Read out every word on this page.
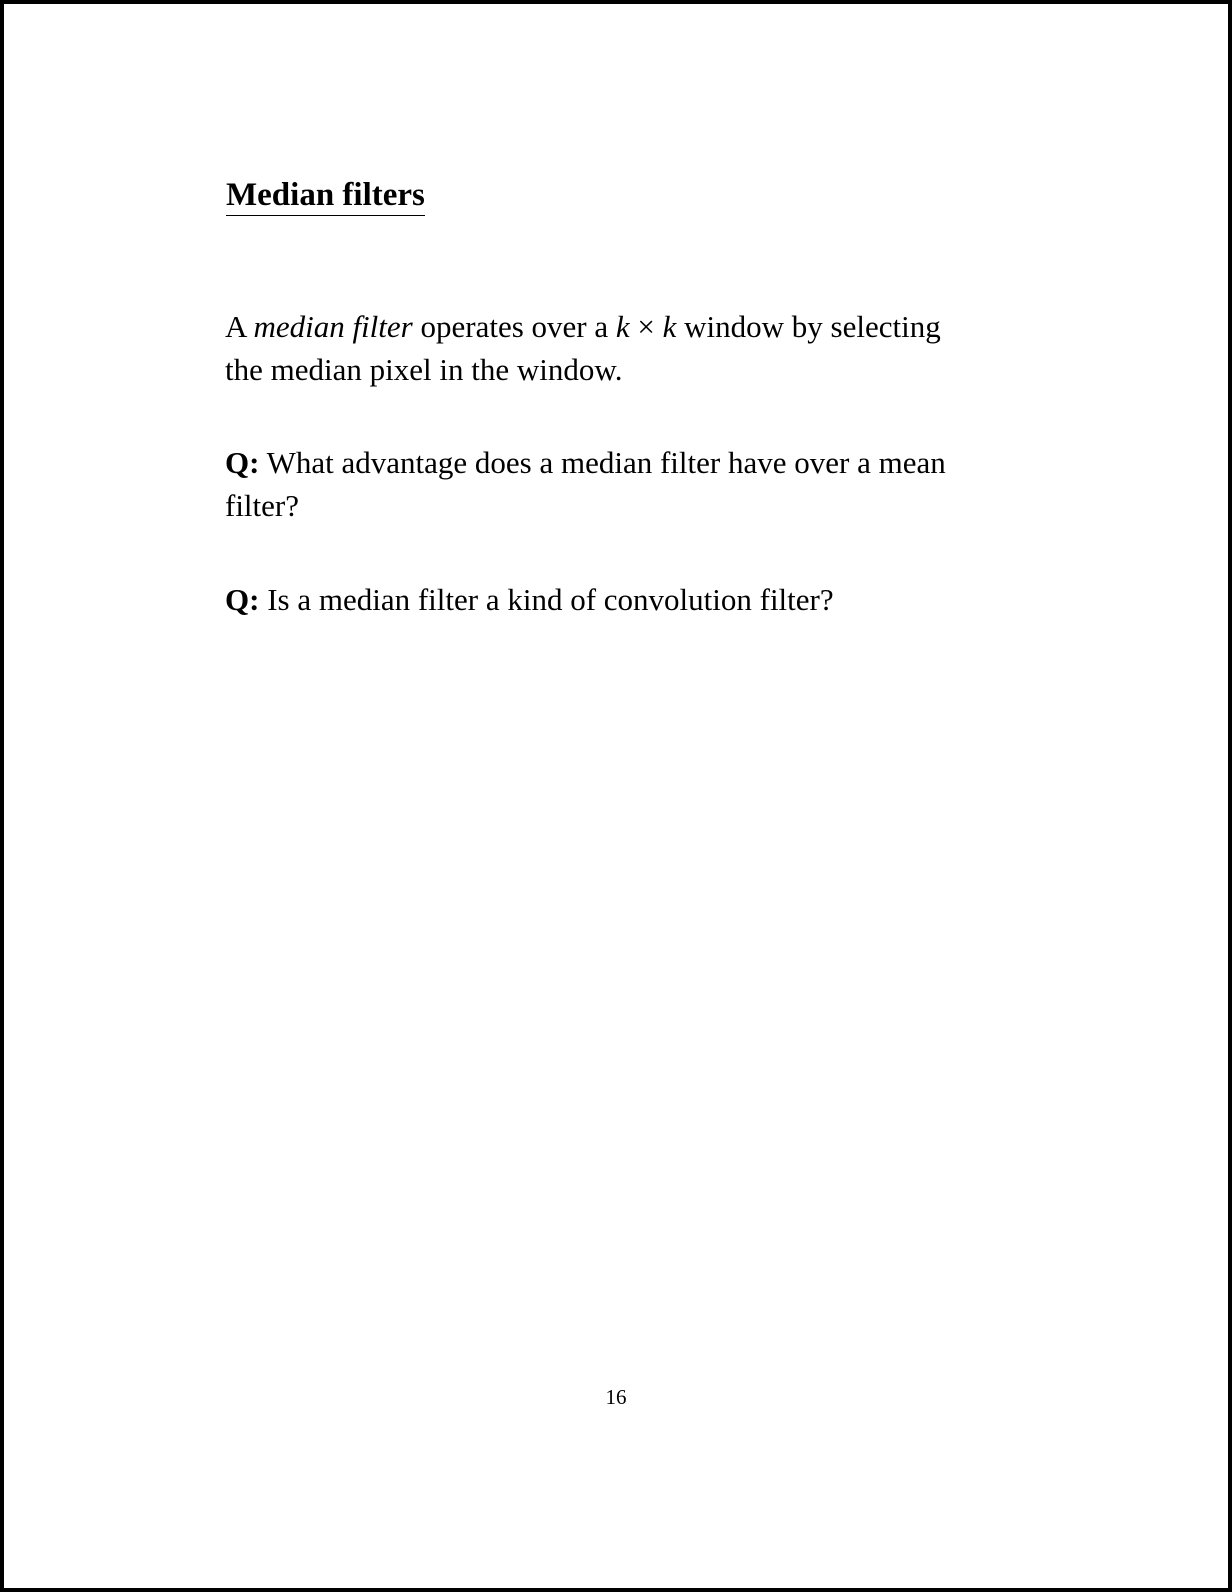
Median filters

A median filter operates over a k × k window by selecting the median pixel in the window.

Q: What advantage does a median filter have over a mean filter?

Q: Is a median filter a kind of convolution filter?

16
